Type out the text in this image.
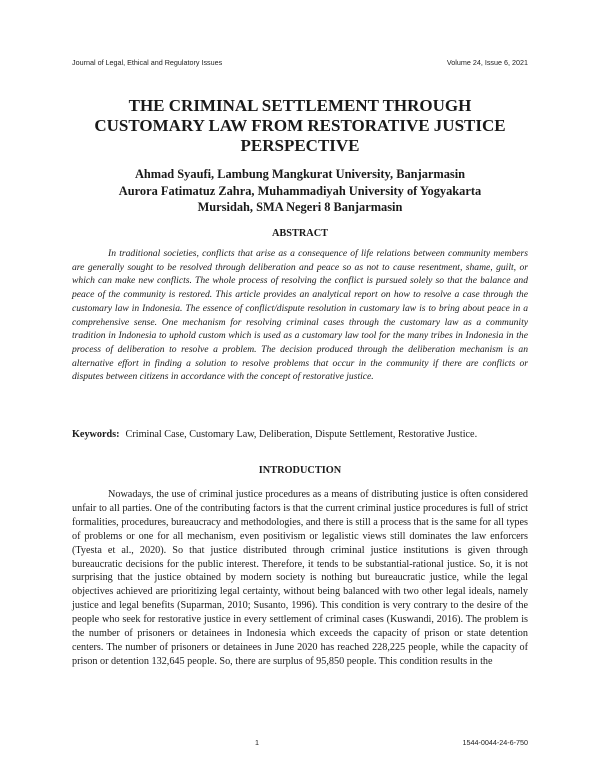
Journal of Legal, Ethical and Regulatory Issues	Volume 24, Issue 6, 2021
THE CRIMINAL SETTLEMENT THROUGH CUSTOMARY LAW FROM RESTORATIVE JUSTICE PERSPECTIVE
Ahmad Syaufi, Lambung Mangkurat University, Banjarmasin
Aurora Fatimatuz Zahra, Muhammadiyah University of Yogyakarta
Mursidah, SMA Negeri 8 Banjarmasin
ABSTRACT

In traditional societies, conflicts that arise as a consequence of life relations between community members are generally sought to be resolved through deliberation and peace so as not to cause resentment, shame, guilt, or which can make new conflicts. The whole process of resolving the conflict is pursued solely so that the balance and peace of the community is restored. This article provides an analytical report on how to resolve a case through the customary law in Indonesia. The essence of conflict/dispute resolution in customary law is to bring about peace in a comprehensive sense. One mechanism for resolving criminal cases through the customary law as a community tradition in Indonesia to uphold custom which is used as a customary law tool for the many tribes in Indonesia in the process of deliberation to resolve a problem. The decision produced through the deliberation mechanism is an alternative effort in finding a solution to resolve problems that occur in the community if there are conflicts or disputes between citizens in accordance with the concept of restorative justice.

Keywords: Criminal Case, Customary Law, Deliberation, Dispute Settlement, Restorative Justice.
INTRODUCTION

Nowadays, the use of criminal justice procedures as a means of distributing justice is often considered unfair to all parties. One of the contributing factors is that the current criminal justice procedures is full of strict formalities, procedures, bureaucracy and methodologies, and there is still a process that is the same for all types of problems or one for all mechanism, even positivism or legalistic views still dominates the law enforcers (Tyesta et al., 2020). So that justice distributed through criminal justice institutions is given through bureaucratic decisions for the public interest. Therefore, it tends to be substantial-rational justice. So, it is not surprising that the justice obtained by modern society is nothing but bureaucratic justice, while the legal objectives achieved are prioritizing legal certainty, without being balanced with two other legal ideals, namely justice and legal benefits (Suparman, 2010; Susanto, 1996). This condition is very contrary to the desire of the people who seek for restorative justice in every settlement of criminal cases (Kuswandi, 2016). The problem is the number of prisoners or detainees in Indonesia which exceeds the capacity of prison or state detention centers. The number of prisoners or detainees in June 2020 has reached 228,225 people, while the capacity of prison or detention 132,645 people. So, there are surplus of 95,850 people. This condition results in the

1	1544-0044-24-6-750
